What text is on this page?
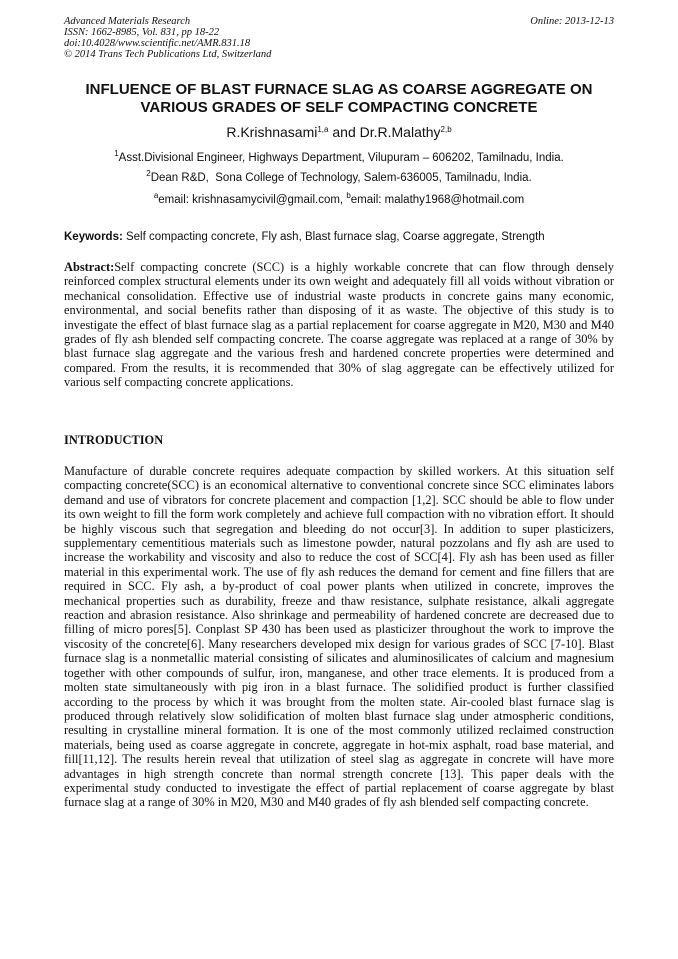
Advanced Materials Research
ISSN: 1662-8985, Vol. 831, pp 18-22
doi:10.4028/www.scientific.net/AMR.831.18
© 2014 Trans Tech Publications Ltd, Switzerland
Online: 2013-12-13
INFLUENCE OF BLAST FURNACE SLAG AS COARSE AGGREGATE ON VARIOUS GRADES OF SELF COMPACTING CONCRETE
R.Krishnasami$^{1,a}$ and Dr.R.Malathy$^{2,b}$
$^1$Asst.Divisional Engineer, Highways Department, Vilupuram – 606202, Tamilnadu, India.
$^2$Dean R&D,  Sona College of Technology, Salem-636005, Tamilnadu, India.
$^a$email: krishnasamycivil@gmail.com, $^b$email: malathy1968@hotmail.com
Keywords: Self compacting concrete, Fly ash, Blast furnace slag, Coarse aggregate, Strength
Abstract:Self compacting concrete (SCC) is a highly workable concrete that can flow through densely reinforced complex structural elements under its own weight and adequately fill all voids without vibration or mechanical consolidation. Effective use of industrial waste products in concrete gains many economic, environmental, and social benefits rather than disposing of it as waste. The objective of this study is to investigate the effect of blast furnace slag as a partial replacement for coarse aggregate in M20, M30 and M40 grades of fly ash blended self compacting concrete. The coarse aggregate was replaced at a range of 30% by blast furnace slag aggregate and the various fresh and hardened concrete properties were determined and compared. From the results, it is recommended that 30% of slag aggregate can be effectively utilized for various self compacting concrete applications.
INTRODUCTION
Manufacture of durable concrete requires adequate compaction by skilled workers. At this situation self compacting concrete(SCC) is an economical alternative to conventional concrete since SCC eliminates labors demand and use of vibrators for concrete placement and compaction [1,2]. SCC should be able to flow under its own weight to fill the form work completely and achieve full compaction with no vibration effort. It should be highly viscous such that segregation and bleeding do not occur[3]. In addition to super plasticizers, supplementary cementitious materials such as limestone powder, natural pozzolans and fly ash are used to increase the workability and viscosity and also to reduce the cost of SCC[4]. Fly ash has been used as filler material in this experimental work. The use of fly ash reduces the demand for cement and fine fillers that are required in SCC. Fly ash, a by-product of coal power plants when utilized in concrete, improves the mechanical properties such as durability, freeze and thaw resistance, sulphate resistance, alkali aggregate reaction and abrasion resistance. Also shrinkage and permeability of hardened concrete are decreased due to filling of micro pores[5]. Conplast SP 430 has been used as plasticizer throughout the work to improve the viscosity of the concrete[6]. Many researchers developed mix design for various grades of SCC [7-10]. Blast furnace slag is a nonmetallic material consisting of silicates and aluminosilicates of calcium and magnesium together with other compounds of sulfur, iron, manganese, and other trace elements. It is produced from a molten state simultaneously with pig iron in a blast furnace. The solidified product is further classified according to the process by which it was brought from the molten state. Air-cooled blast furnace slag is produced through relatively slow solidification of molten blast furnace slag under atmospheric conditions, resulting in crystalline mineral formation. It is one of the most commonly utilized reclaimed construction materials, being used as coarse aggregate in concrete, aggregate in hot-mix asphalt, road base material, and fill[11,12]. The results herein reveal that utilization of steel slag as aggregate in concrete will have more advantages in high strength concrete than normal strength concrete [13]. This paper deals with the experimental study conducted to investigate the effect of partial replacement of coarse aggregate by blast furnace slag at a range of 30% in M20, M30 and M40 grades of fly ash blended self compacting concrete.
